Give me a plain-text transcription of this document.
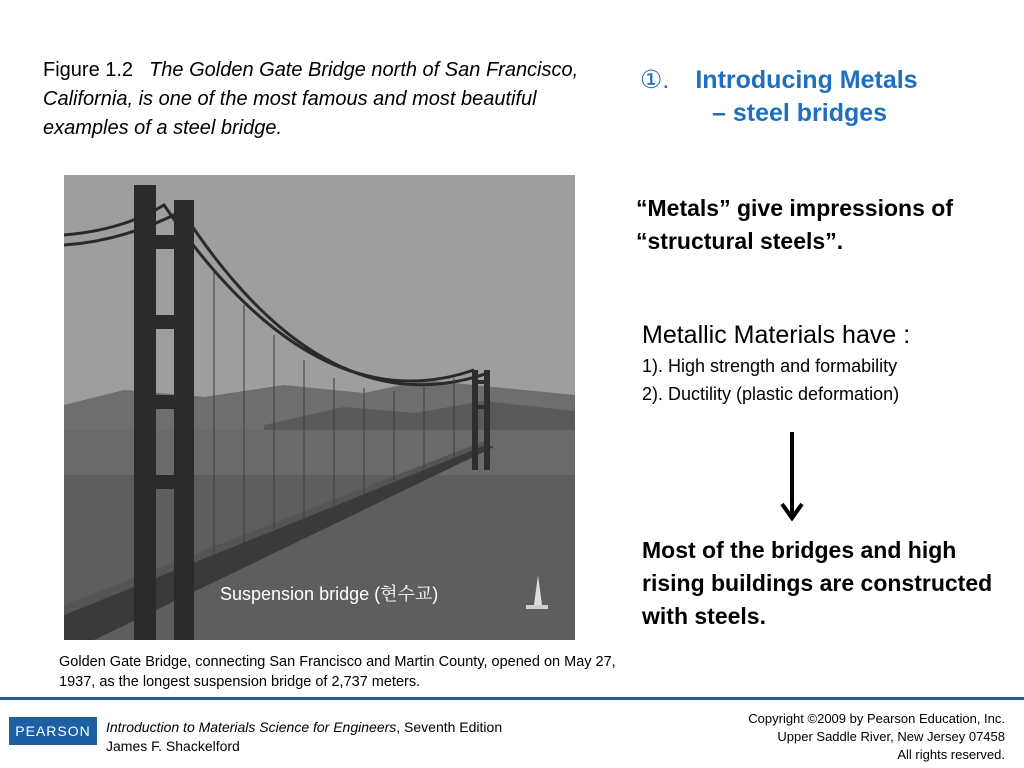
Figure 1.2 The Golden Gate Bridge north of San Francisco, California, is one of the most famous and most beautiful examples of a steel bridge.
①. Introducing Metals
– steel bridges
Suspension bridge (현수교)
Golden Gate Bridge, connecting San Francisco and Martin County, opened on May 27, 1937, as the longest suspension bridge of 2,737 meters.
“Metals” give impressions of “structural steels”.
Metallic Materials have :
1). High strength and formability
2). Ductility (plastic deformation)
Most of the bridges and high rising buildings are constructed with steels.
PEARSON	Introduction to Materials Science for Engineers, Seventh Edition
James F. Shackelford
Copyright ©2009 by Pearson Education, Inc.
Upper Saddle River, New Jersey 07458
All rights reserved.
